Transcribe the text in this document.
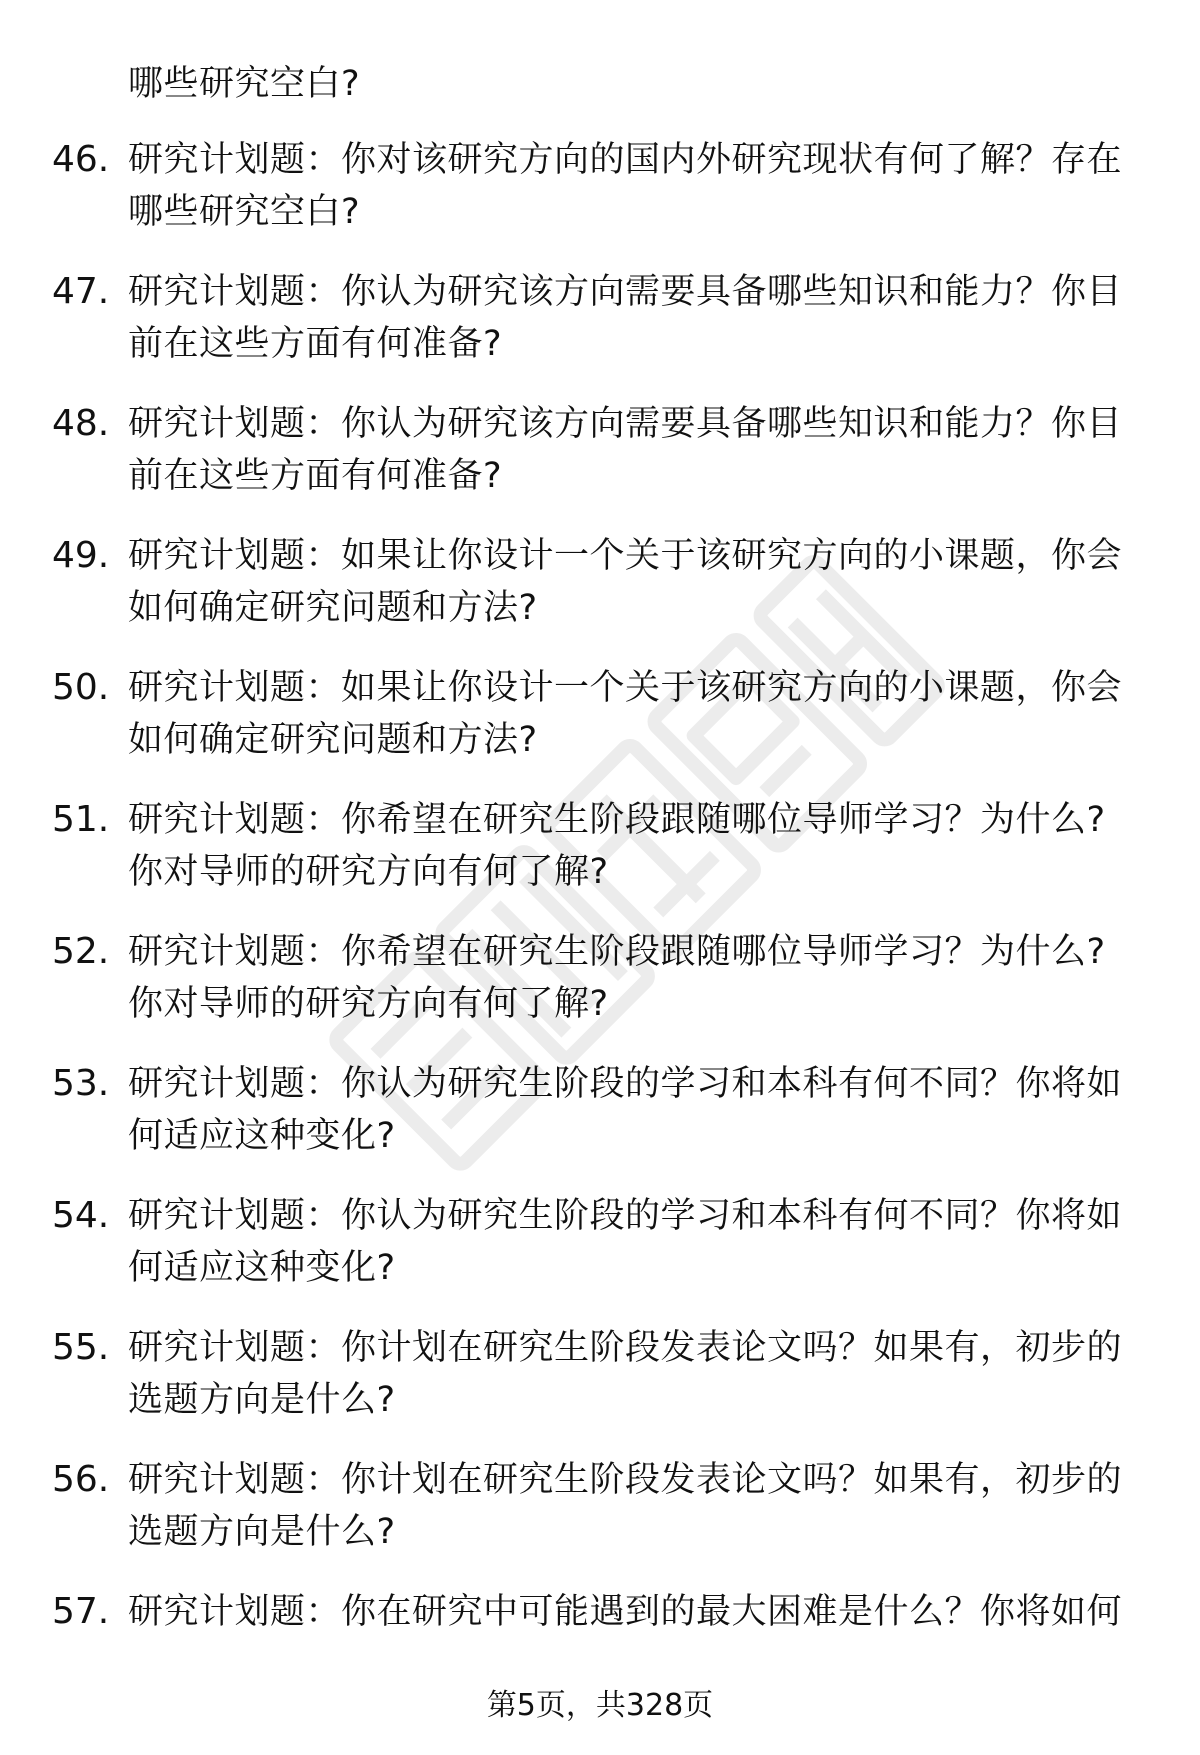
哪些研究空白?
46. 研究计划题：你对该研究方向的国内外研究现状有何了解？存在哪些研究空白?
47. 研究计划题：你认为研究该方向需要具备哪些知识和能力？你目前在这些方面有何准备?
48. 研究计划题：你认为研究该方向需要具备哪些知识和能力？你目前在这些方面有何准备?
49. 研究计划题：如果让你设计一个关于该研究方向的小课题，你会如何确定研究问题和方法?
50. 研究计划题：如果让你设计一个关于该研究方向的小课题，你会如何确定研究问题和方法?
51. 研究计划题：你希望在研究生阶段跟随哪位导师学习？为什么?你对导师的研究方向有何了解?
52. 研究计划题：你希望在研究生阶段跟随哪位导师学习？为什么?你对导师的研究方向有何了解?
53. 研究计划题：你认为研究生阶段的学习和本科有何不同？你将如何适应这种变化?
54. 研究计划题：你认为研究生阶段的学习和本科有何不同？你将如何适应这种变化?
55. 研究计划题：你计划在研究生阶段发表论文吗？如果有，初步的选题方向是什么?
56. 研究计划题：你计划在研究生阶段发表论文吗？如果有，初步的选题方向是什么?
57. 研究计划题：你在研究中可能遇到的最大困难是什么？你将如何
第5页，共328页
